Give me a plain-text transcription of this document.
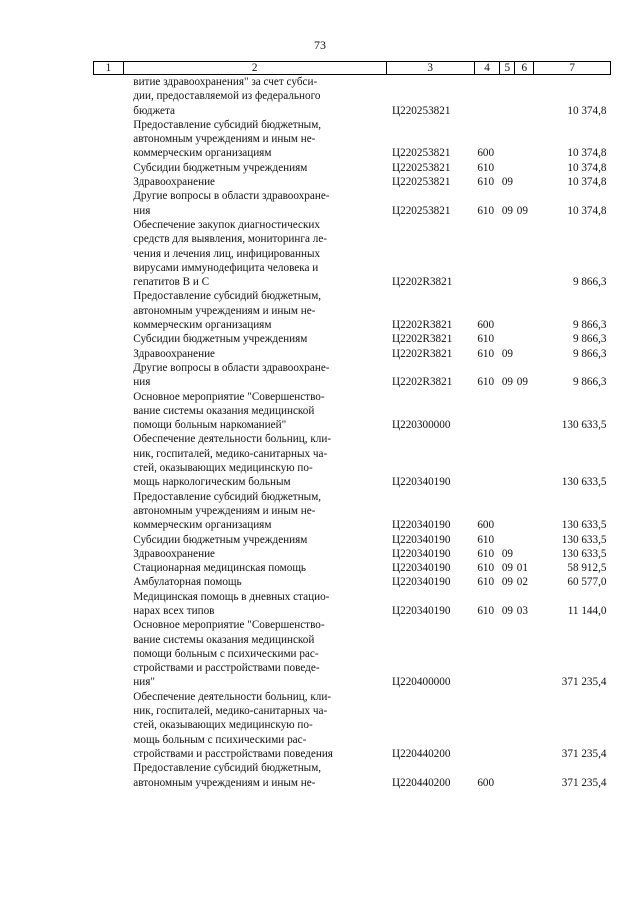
73
1	2	3	4	5	6	7
	витие здравоохранения" за счет субси-
дии, предоставляемой из федерального
бюджета	Ц220253821				10 374,8
	Предоставление субсидий бюджетным,
автономным учреждениям и иным не-
коммерческим организациям	Ц220253821	600			10 374,8
	Субсидии бюджетным учреждениям	Ц220253821	610			10 374,8
	Здравоохранение	Ц220253821	610	09		10 374,8
	Другие вопросы в области здравоохране-
ния	Ц220253821	610	09	09	10 374,8
	Обеспечение закупок диагностических
средств для выявления, мониторинга ле-
чения и лечения лиц, инфицированных
вирусами иммунодефицита человека и
гепатитов B и C	Ц2202R3821				9 866,3
	Предоставление субсидий бюджетным,
автономным учреждениям и иным не-
коммерческим организациям	Ц2202R3821	600			9 866,3
	Субсидии бюджетным учреждениям	Ц2202R3821	610			9 866,3
	Здравоохранение	Ц2202R3821	610	09		9 866,3
	Другие вопросы в области здравоохране-
ния	Ц2202R3821	610	09	09	9 866,3
	Основное мероприятие "Совершенство-
вание системы оказания медицинской
помощи больным наркоманией"	Ц220300000				130 633,5
	Обеспечение деятельности больниц, кли-
ник, госпиталей, медико-санитарных ча-
стей, оказывающих медицинскую по-
мощь наркологическим больным	Ц220340190				130 633,5
	Предоставление субсидий бюджетным,
автономным учреждениям и иным не-
коммерческим организациям	Ц220340190	600			130 633,5
	Субсидии бюджетным учреждениям	Ц220340190	610			130 633,5
	Здравоохранение	Ц220340190	610	09		130 633,5
	Стационарная медицинская помощь	Ц220340190	610	09	01	58 912,5
	Амбулаторная помощь	Ц220340190	610	09	02	60 577,0
	Медицинская помощь в дневных стацио-
нарах всех типов	Ц220340190	610	09	03	11 144,0
	Основное мероприятие "Совершенство-
вание системы оказания медицинской
помощи больным с психическими рас-
стройствами и расстройствами поведе-
ния"	Ц220400000				371 235,4
	Обеспечение деятельности больниц, кли-
ник, госпиталей, медико-санитарных ча-
стей, оказывающих медицинскую по-
мощь больным с психическими рас-
стройствами и расстройствами поведения	Ц220440200				371 235,4
	Предоставление субсидий бюджетным,
автономным учреждениям и иным не-	Ц220440200	600			371 235,4
